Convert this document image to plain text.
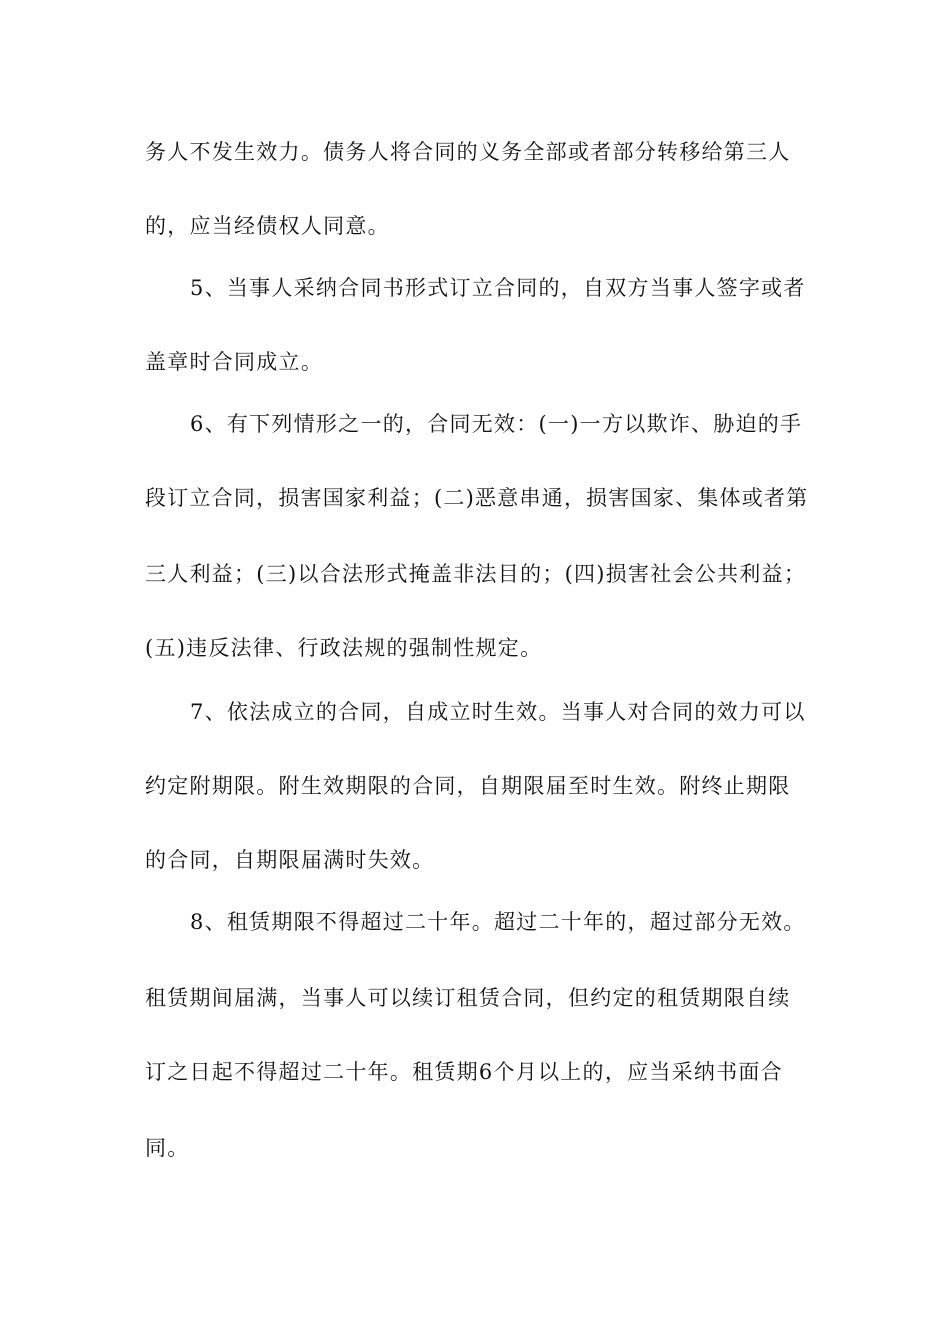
务人不发生效力。债务人将合同的义务全部或者部分转移给第三人
的，应当经债权人同意。
5、当事人采纳合同书形式订立合同的，自双方当事人签字或者
盖章时合同成立。
6、有下列情形之一的，合同无效：(一)一方以欺诈、胁迫的手
段订立合同，损害国家利益；(二)恶意串通，损害国家、集体或者第
三人利益；(三)以合法形式掩盖非法目的；(四)损害社会公共利益；
(五)违反法律、行政法规的强制性规定。
7、依法成立的合同，自成立时生效。当事人对合同的效力可以
约定附期限。附生效期限的合同，自期限届至时生效。附终止期限
的合同，自期限届满时失效。
8、租赁期限不得超过二十年。超过二十年的，超过部分无效。
租赁期间届满，当事人可以续订租赁合同，但约定的租赁期限自续
订之日起不得超过二十年。租赁期6个月以上的，应当采纳书面合
同。
